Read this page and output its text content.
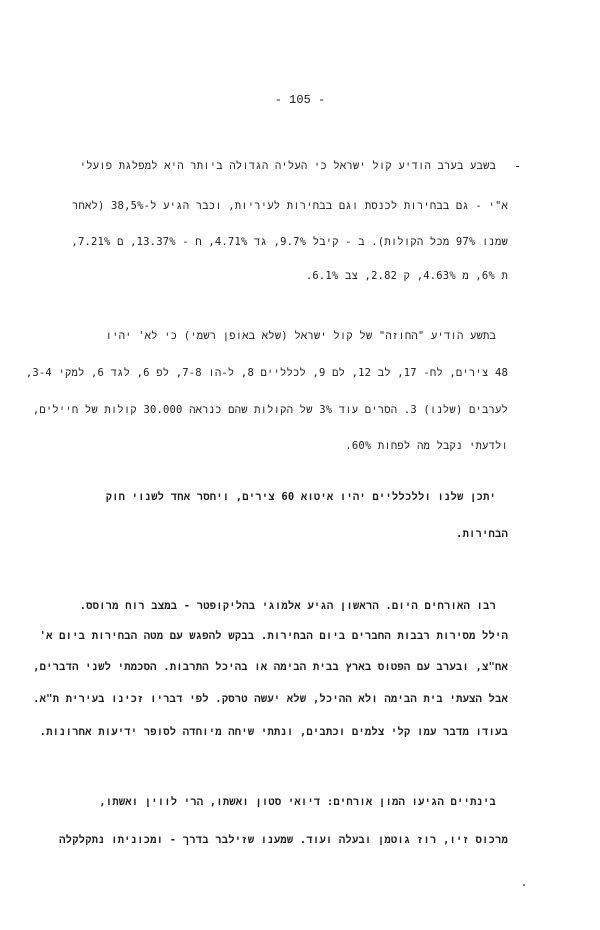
- 105 -
-
בשבע בערב הודיע קול ישראל כי העליה הגדולה ביותר היא למפלגת פועלי
א"י - גם בבחירות לכנסת וגם בבחירות לעיריות, וכבר הגיע ל-38,5% (לאחר
שמנו 97% מכל הקולות). ב - קיבל 9.7%, גד 4.71%, ח - 13.37%, ם 7.21%,
ת 6%, מ 4.63%, ק 2.82, צב 6.1%.
בתשע הודיע "החוזה" של קול ישראל (שלא באופן רשמי) כי לא' יהיו
48 צירים, לח- 17, לב 12, לם 9, לכלליים 8, ל-הו 7-8, לפ 6, לגד 6, למקי 3-4,
לערבים (שלנו) 3. הסרים עוד 3% של הקולות שהם כנראה 30.000 קולות של חיילים,
ולדעתי נקבל מה לפחות 60%.
יתכן שלנו וללכלליים יהיו איטוא 60 צירים, ויחסר אחד לשנוי חוק
הבחירות.
רבו האורחים היום. הראשון הגיע אלמוגי בהליקופטר - במצב רוח מרוסס.
הילל מסירות רבבות החברים ביום הבחירות. בבקש להפגש עם מטה הבחירות ביום א'
אח"צ, ובערב עם הפטוס בארץ בבית הבימה או בהיכל התרבות. הסכמתי לשני הדברים,
אבל הצעתי בית הבימה ולא ההיכל, שלא יעשה טרסק. לפי דבריו זכינו בעירית ת"א.
בעודו מדבר עמו קלי צלמים וכתבים, ונתתי שיחה מיוחדה לסופר ידיעות אחרונות.
בינתיים הגיעו המון אורחים: דיואי סטון ואשתו, הרי לווין ואשתו,
מרכוס זיו, רוז גוטמן ובעלה ועוד. שמענו שזילבר בדרך - ומכוניתו נתקלקלה
